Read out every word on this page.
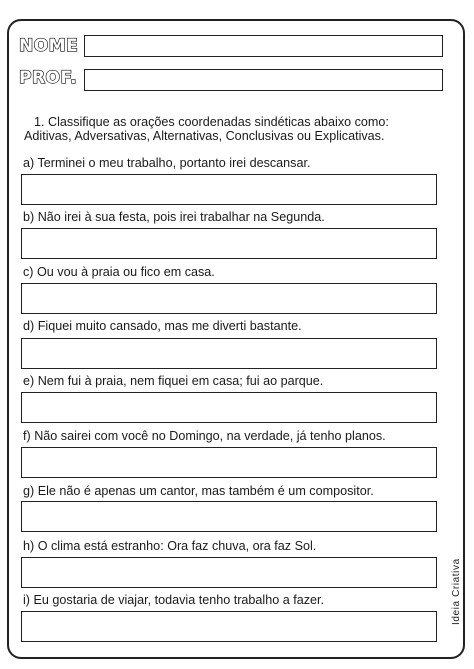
NOME
PROF.

1. Classifique as orações coordenadas sindéticas abaixo como:

Aditivas, Adversativas, Alternativas, Conclusivas ou Explicativas.

a) Terminei o meu trabalho, portanto irei descansar.
b) Não irei à sua festa, pois irei trabalhar na Segunda.
c) Ou vou à praia ou fico em casa.
d) Fiquei muito cansado, mas me diverti bastante.
e) Nem fui à praia, nem fiquei em casa; fui ao parque.
f) Não sairei com você no Domingo, na verdade, já tenho planos.
g) Ele não é apenas um cantor, mas também é um compositor.
h) O clima está estranho: Ora faz chuva, ora faz Sol.
i) Eu gostaria de viajar, todavia tenho trabalho a fazer.	Ideia Criativa
